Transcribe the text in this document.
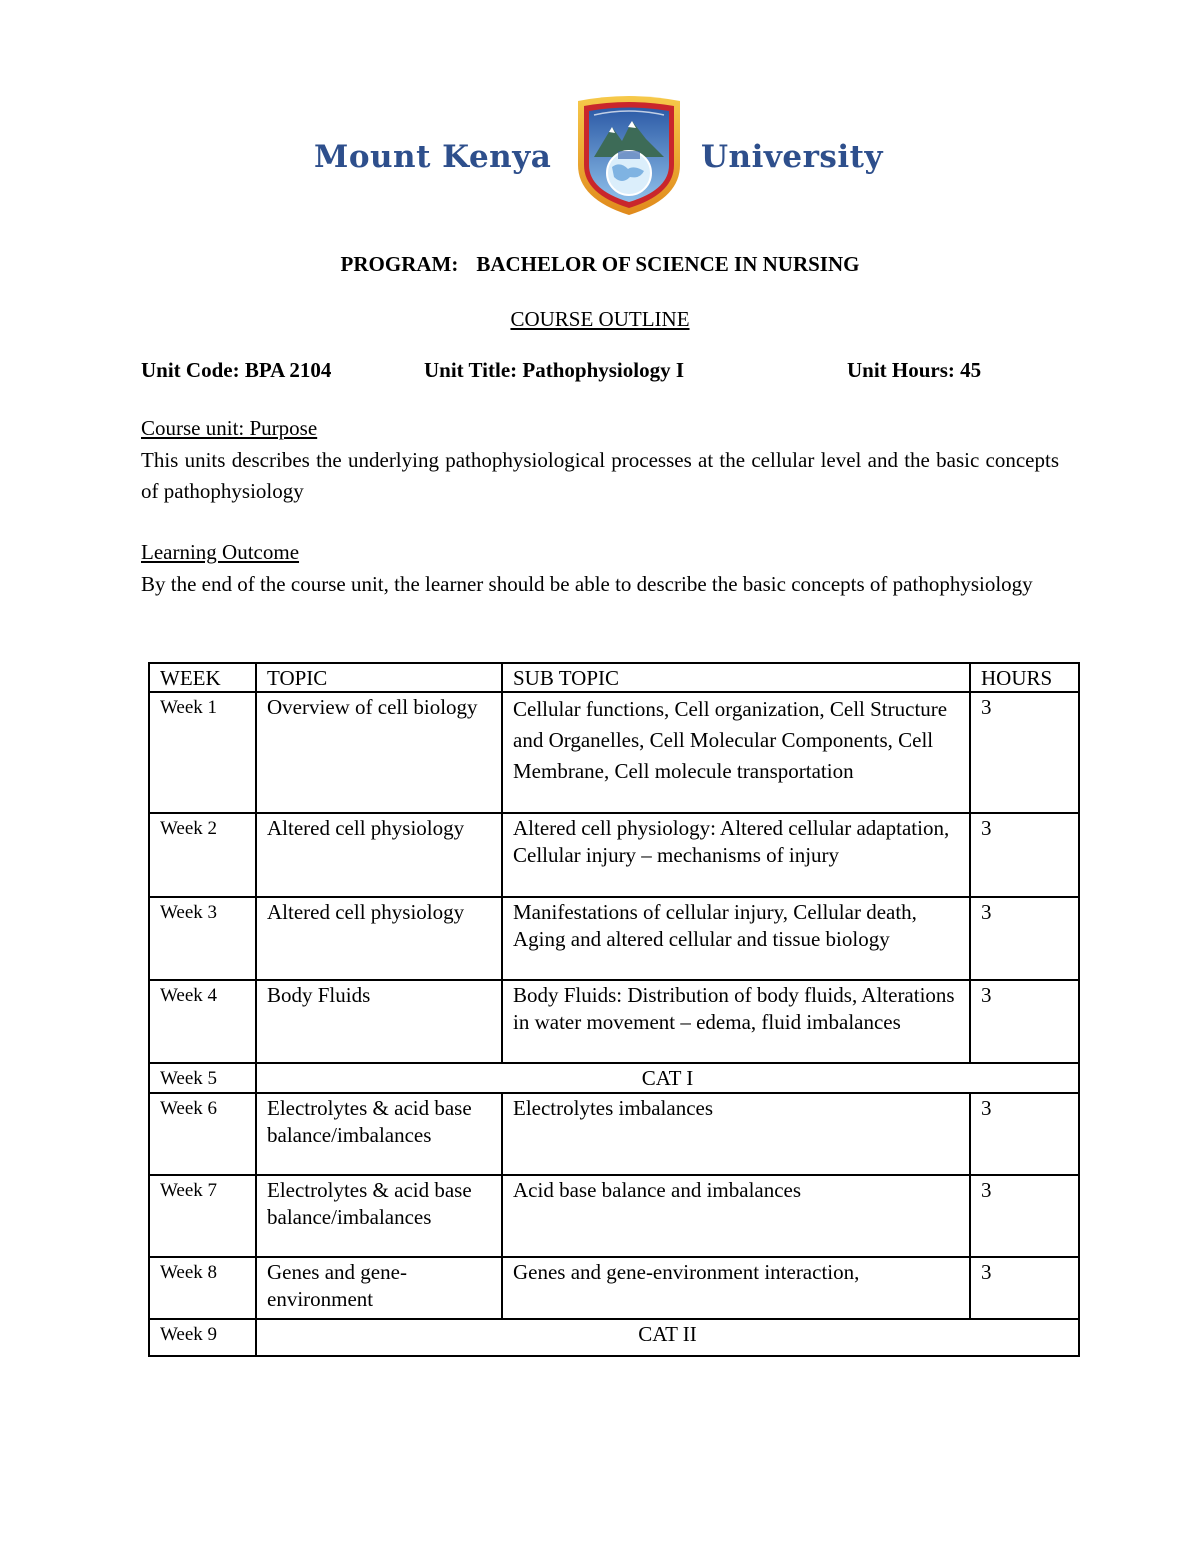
Mount Kenya	University
PROGRAM: BACHELOR OF SCIENCE IN NURSING
COURSE OUTLINE
Unit Code: BPA 2104	Unit Title: Pathophysiology I	Unit Hours: 45
Course unit: Purpose
This units describes the underlying pathophysiological processes at the cellular level and the basic concepts of pathophysiology
Learning Outcome
By the end of the course unit, the learner should be able to describe the basic concepts of pathophysiology
WEEK	TOPIC	SUB TOPIC	HOURS
Week 1	Overview of cell biology	Cellular functions, Cell organization, Cell Structure and Organelles, Cell Molecular Components, Cell Membrane, Cell molecule transportation	3
Week 2	Altered cell physiology	Altered cell physiology: Altered cellular adaptation, Cellular injury – mechanisms of injury	3
Week 3	Altered cell physiology	Manifestations of cellular injury, Cellular death, Aging and altered cellular and tissue biology	3
Week 4	Body Fluids	Body Fluids: Distribution of body fluids, Alterations in water movement – edema, fluid imbalances	3
Week 5	CAT I		
Week 6	Electrolytes & acid base balance/imbalances	Electrolytes imbalances	3
Week 7	Electrolytes & acid base balance/imbalances	Acid base balance and imbalances	3
Week 8	Genes and gene-environment	Genes and gene-environment interaction,	3
Week 9	CAT II		
